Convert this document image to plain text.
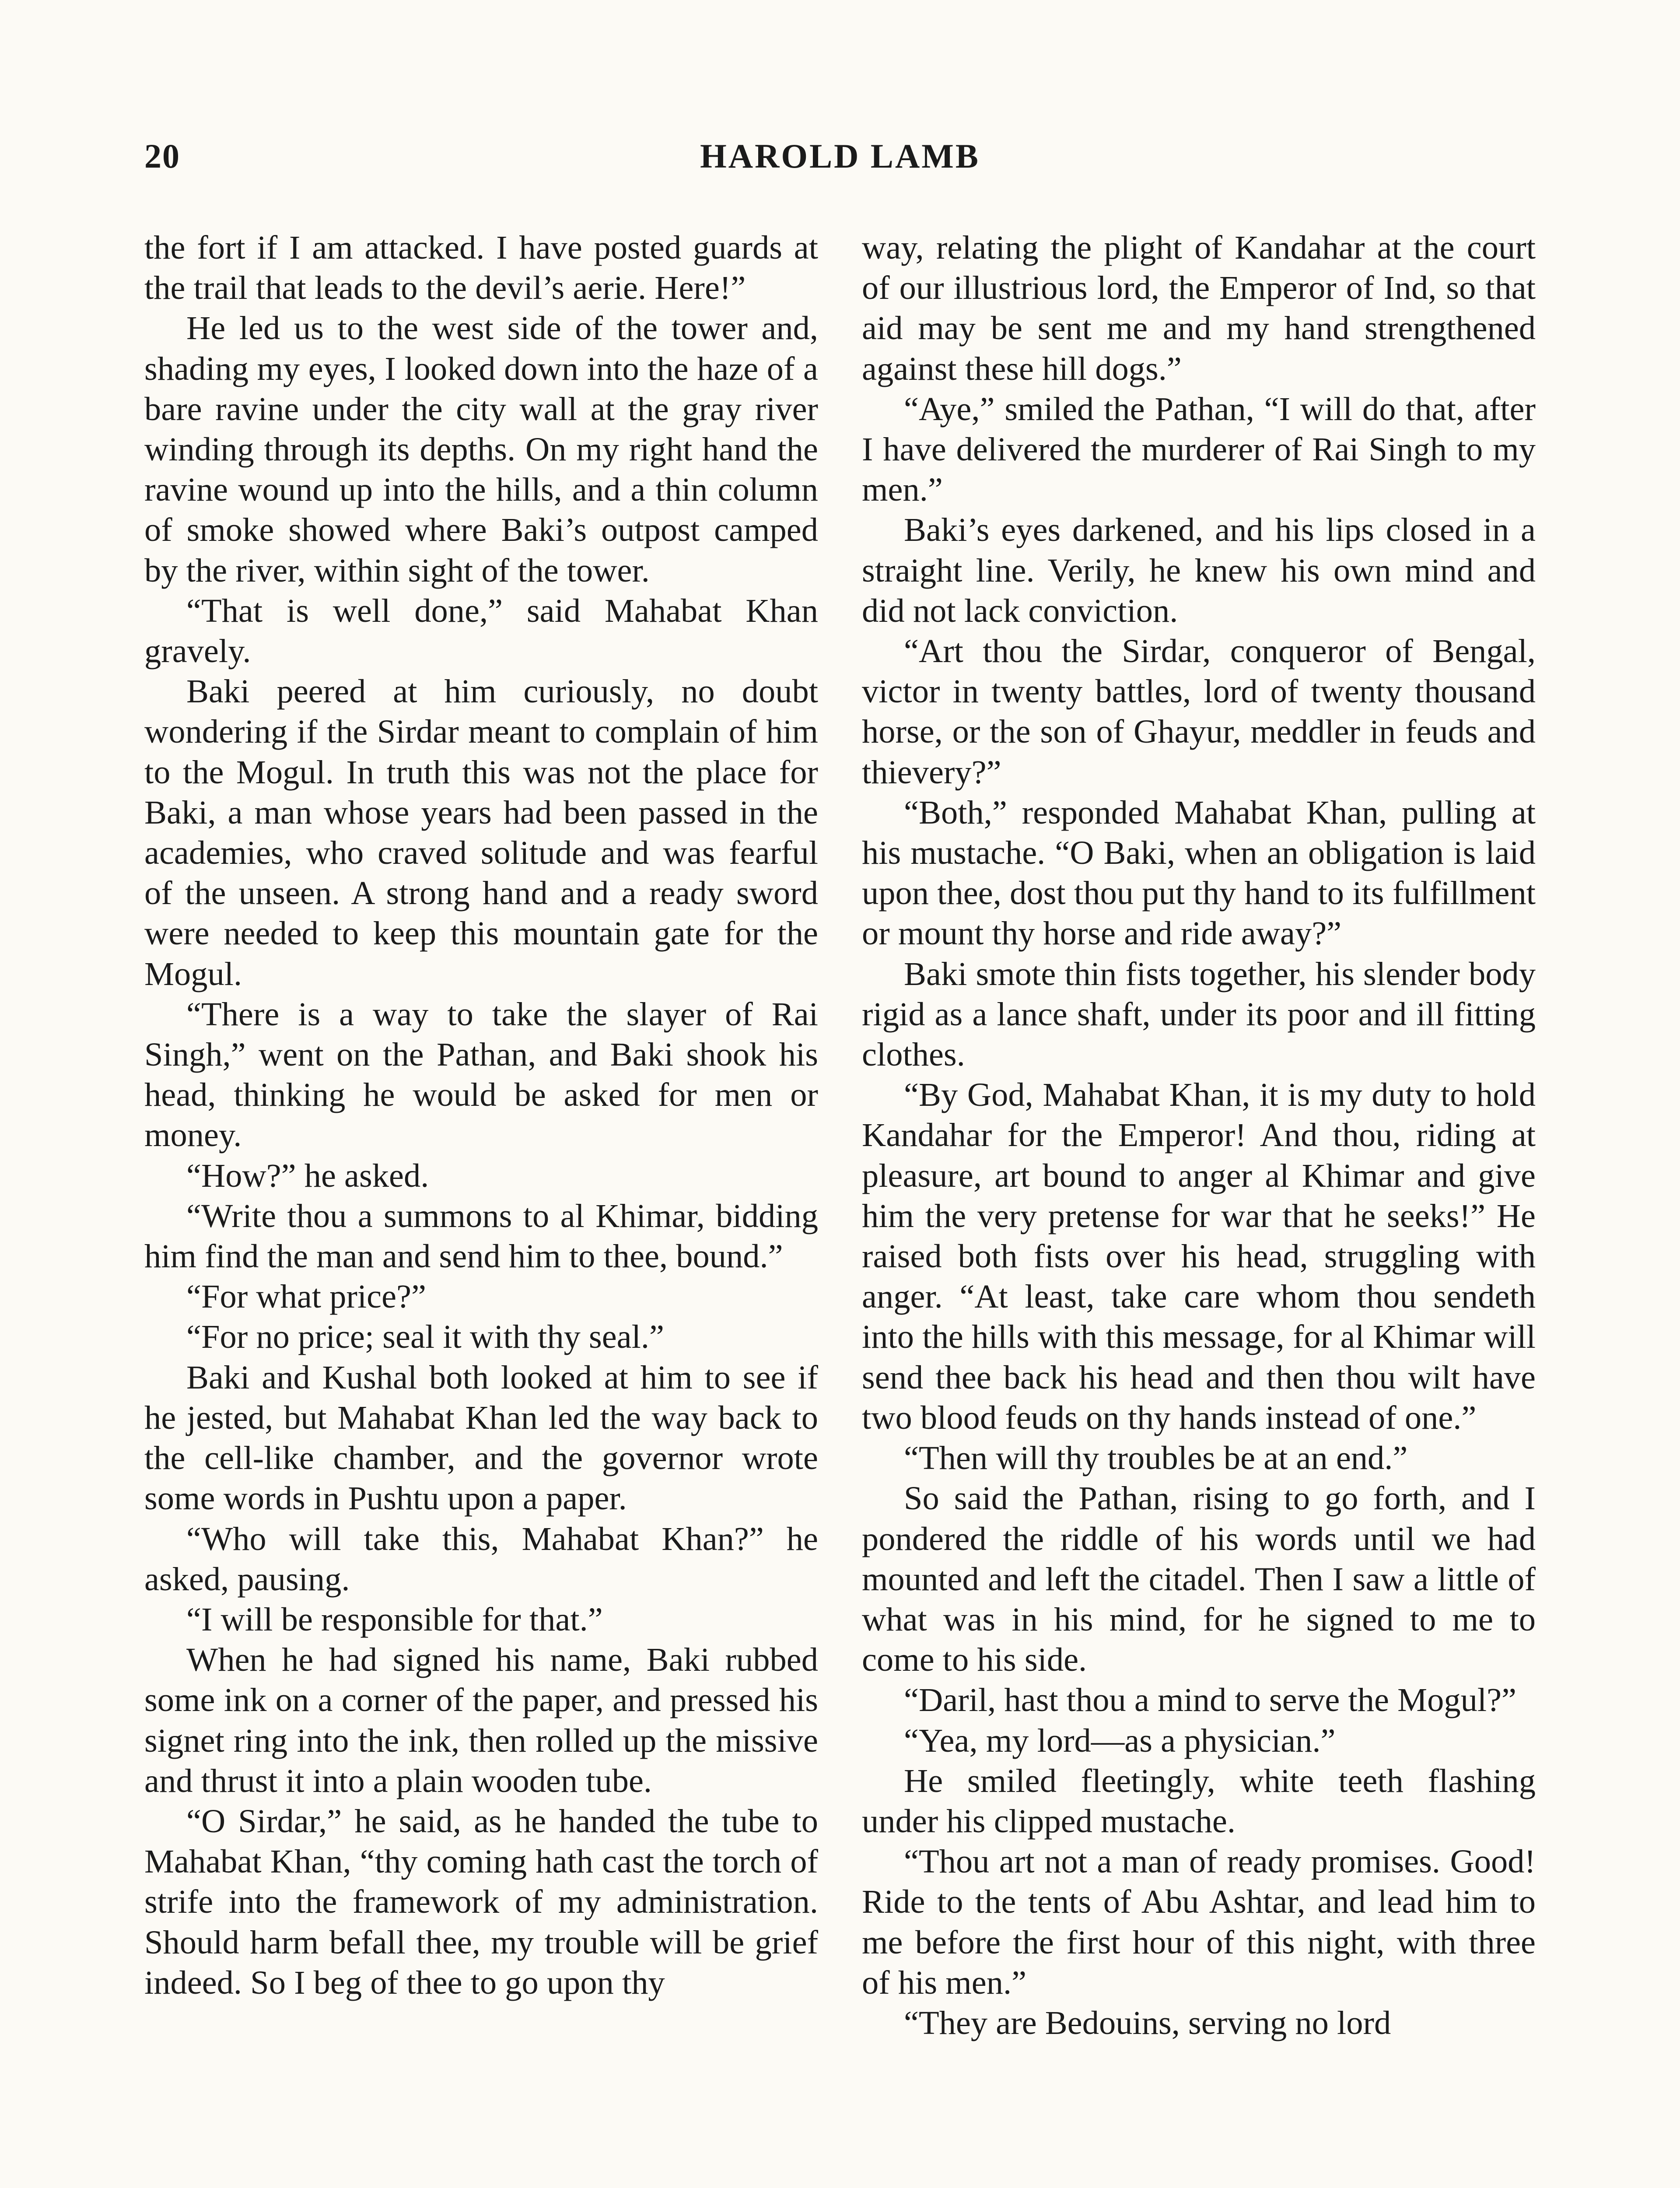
20	HAROLD LAMB

the fort if I am attacked. I have posted guards at the trail that leads to the devil’s aerie. Here!”

He led us to the west side of the tower and, shading my eyes, I looked down into the haze of a bare ravine under the city wall at the gray river winding through its depths. On my right hand the ravine wound up into the hills, and a thin column of smoke showed where Baki’s outpost camped by the river, within sight of the tower.

“That is well done,” said Mahabat Khan gravely.

Baki peered at him curiously, no doubt wondering if the Sirdar meant to complain of him to the Mogul. In truth this was not the place for Baki, a man whose years had been passed in the academies, who craved solitude and was fearful of the unseen. A strong hand and a ready sword were needed to keep this mountain gate for the Mogul.

“There is a way to take the slayer of Rai Singh,” went on the Pathan, and Baki shook his head, thinking he would be asked for men or money.

“How?” he asked.

“Write thou a summons to al Khimar, bidding him find the man and send him to thee, bound.”

“For what price?”

“For no price; seal it with thy seal.”

Baki and Kushal both looked at him to see if he jested, but Mahabat Khan led the way back to the cell-like chamber, and the governor wrote some words in Pushtu upon a paper.

“Who will take this, Mahabat Khan?” he asked, pausing.

“I will be responsible for that.”

When he had signed his name, Baki rubbed some ink on a corner of the paper, and pressed his signet ring into the ink, then rolled up the missive and thrust it into a plain wooden tube.

“O Sirdar,” he said, as he handed the tube to Mahabat Khan, “thy coming hath cast the torch of strife into the framework of my administration. Should harm befall thee, my trouble will be grief indeed. So I beg of thee to go upon thy

way, relating the plight of Kandahar at the court of our illustrious lord, the Emperor of Ind, so that aid may be sent me and my hand strengthened against these hill dogs.”

“Aye,” smiled the Pathan, “I will do that, after I have delivered the murderer of Rai Singh to my men.”

Baki’s eyes darkened, and his lips closed in a straight line. Verily, he knew his own mind and did not lack conviction.

“Art thou the Sirdar, conqueror of Bengal, victor in twenty battles, lord of twenty thousand horse, or the son of Ghayur, meddler in feuds and thievery?”

“Both,” responded Mahabat Khan, pulling at his mustache. “O Baki, when an obligation is laid upon thee, dost thou put thy hand to its fulfillment or mount thy horse and ride away?”

Baki smote thin fists together, his slender body rigid as a lance shaft, under its poor and ill fitting clothes.

“By God, Mahabat Khan, it is my duty to hold Kandahar for the Emperor! And thou, riding at pleasure, art bound to anger al Khimar and give him the very pretense for war that he seeks!” He raised both fists over his head, struggling with anger. “At least, take care whom thou sendeth into the hills with this message, for al Khimar will send thee back his head and then thou wilt have two blood feuds on thy hands instead of one.”

“Then will thy troubles be at an end.”

So said the Pathan, rising to go forth, and I pondered the riddle of his words until we had mounted and left the citadel. Then I saw a little of what was in his mind, for he signed to me to come to his side.

“Daril, hast thou a mind to serve the Mogul?”

“Yea, my lord—as a physician.”

He smiled fleetingly, white teeth flashing under his clipped mustache.

“Thou art not a man of ready promises. Good! Ride to the tents of Abu Ashtar, and lead him to me before the first hour of this night, with three of his men.”

“They are Bedouins, serving no lord
